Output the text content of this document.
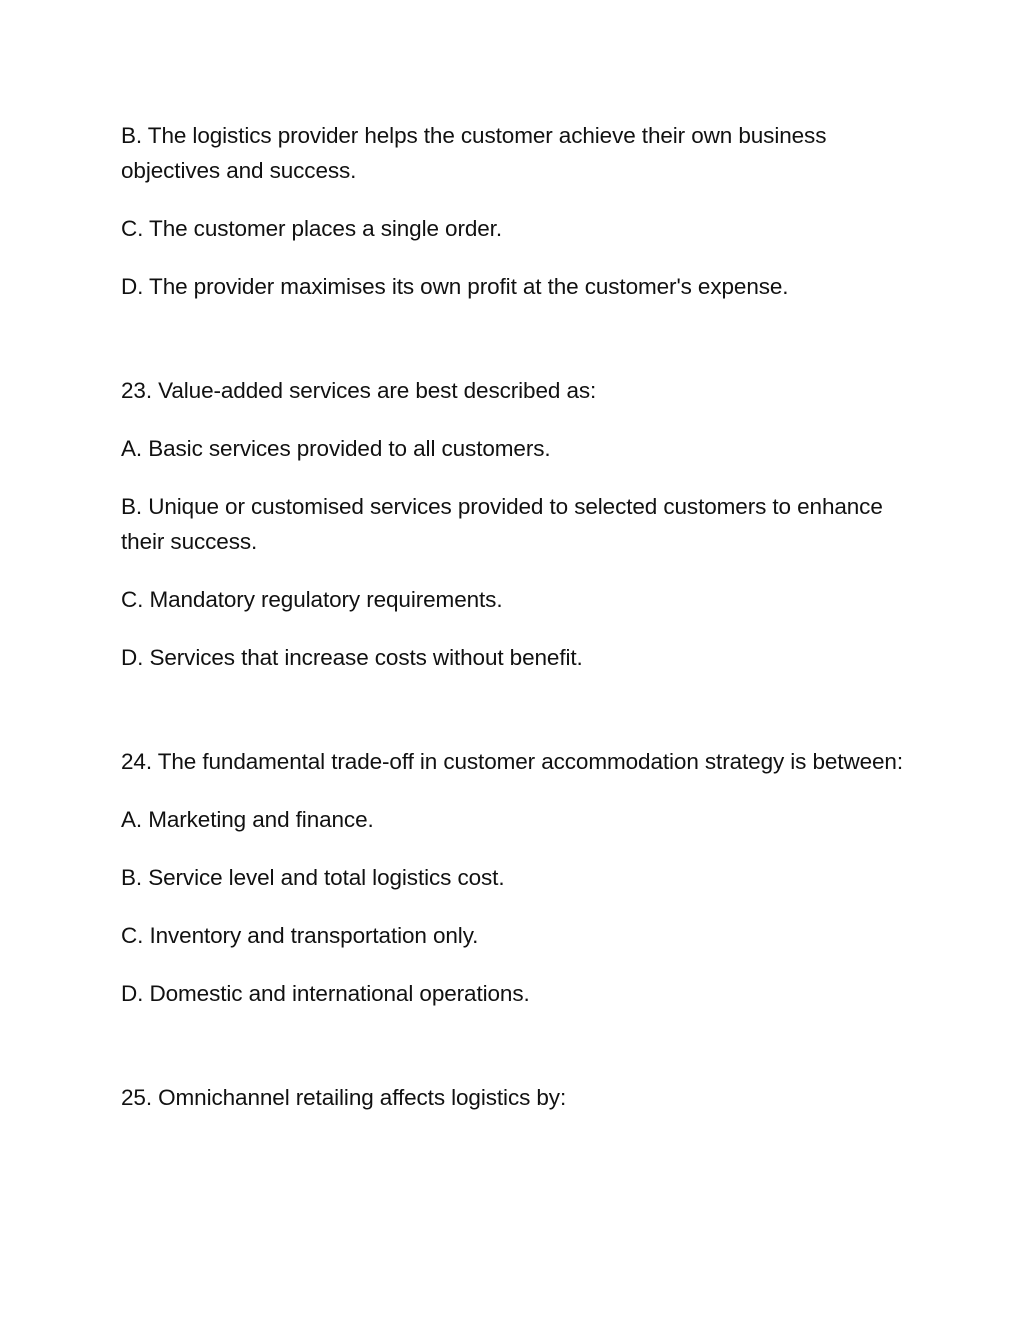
B. The logistics provider helps the customer achieve their own business objectives and success.

C. The customer places a single order.

D. The provider maximises its own profit at the customer's expense.

23. Value-added services are best described as:

A. Basic services provided to all customers.

B. Unique or customised services provided to selected customers to enhance their success.

C. Mandatory regulatory requirements.

D. Services that increase costs without benefit.

24. The fundamental trade-off in customer accommodation strategy is between:

A. Marketing and finance.

B. Service level and total logistics cost.

C. Inventory and transportation only.

D. Domestic and international operations.

25. Omnichannel retailing affects logistics by:
